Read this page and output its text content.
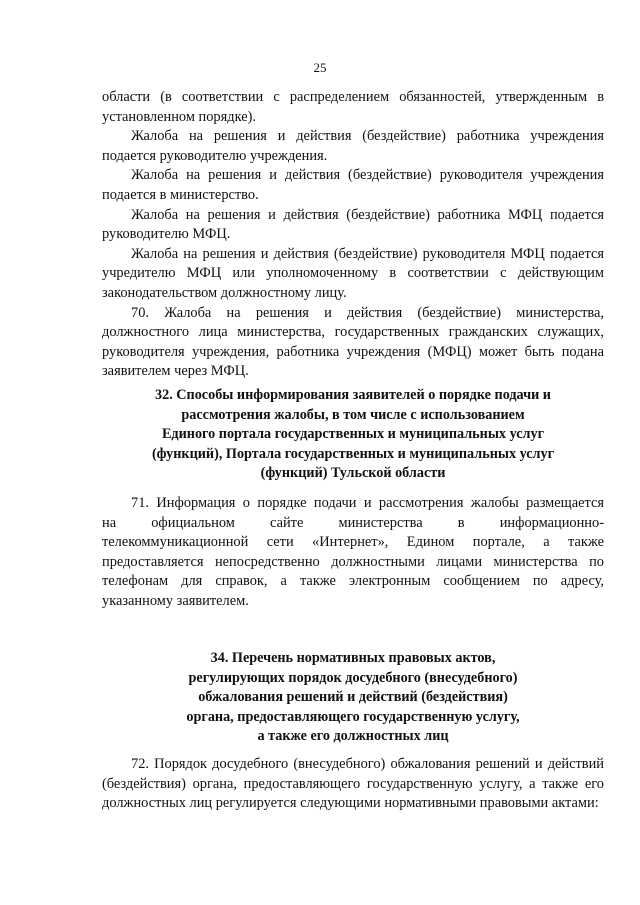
25

области (в соответствии с распределением обязанностей, утвержденным в установленном порядке).

Жалоба на решения и действия (бездействие) работника учреждения подается руководителю учреждения.

Жалоба на решения и действия (бездействие) руководителя учреждения подается в министерство.

Жалоба на решения и действия (бездействие) работника МФЦ подается руководителю МФЦ.

Жалоба на решения и действия (бездействие) руководителя МФЦ подается учредителю МФЦ или уполномоченному в соответствии с действующим законодательством должностному лицу.

70. Жалоба на решения и действия (бездействие) министерства, должностного лица министерства, государственных гражданских служащих, руководителя учреждения, работника учреждения (МФЦ) может быть подана заявителем через МФЦ.

32. Способы информирования заявителей о порядке подачи и
рассмотрения жалобы, в том числе с использованием
Единого портала государственных и муниципальных услуг
(функций), Портала государственных и муниципальных услуг
(функций) Тульской области
71. Информация о порядке подачи и рассмотрения жалобы размещается
на официальном сайте министерства в информационно-
телекоммуникационной сети «Интернет», Едином портале, а также
предоставляется непосредственно должностными лицами министерства по
телефонам для справок, а также электронным сообщением по адресу,
указанному заявителем.
34. Перечень нормативных правовых актов,
регулирующих порядок досудебного (внесудебного)
обжалования решений и действий (бездействия)
органа, предоставляющего государственную услугу,
а также его должностных лиц

72. Порядок досудебного (внесудебного) обжалования решений и действий (бездействия) органа, предоставляющего государственную услугу, а также его должностных лиц регулируется следующими нормативными правовыми актами:
